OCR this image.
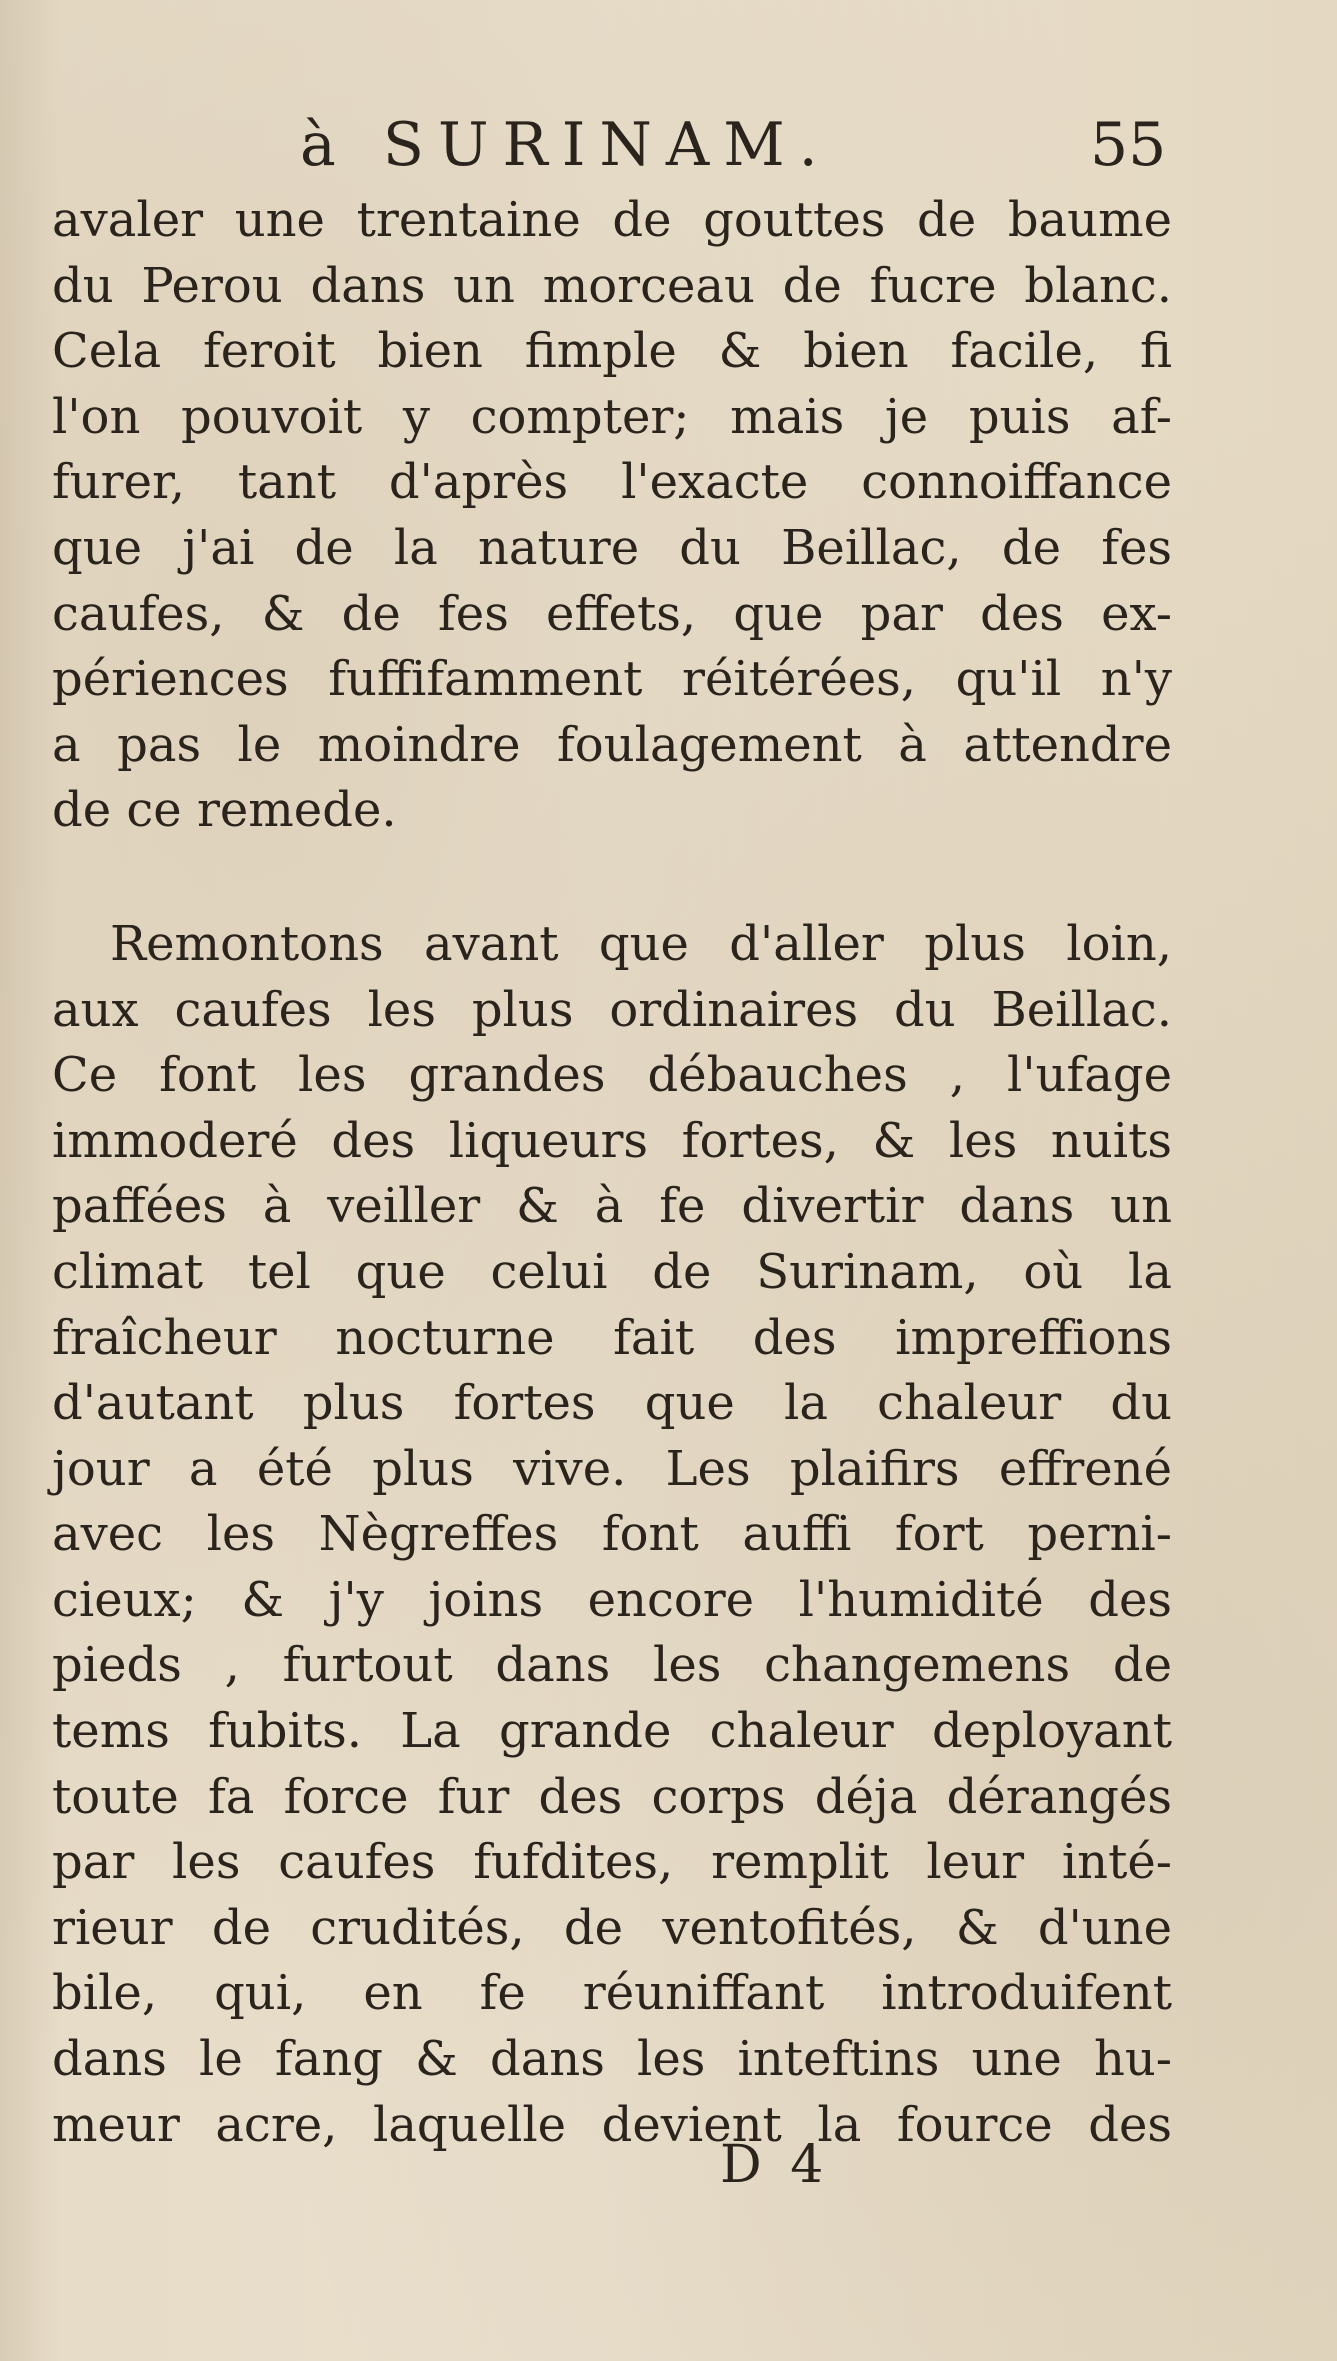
à SURINAM.	55
avaler une trentaine de gouttes de baume
du Perou dans un morceau de fucre blanc.
Cela feroit bien fimple & bien facile, fi
l'on pouvoit y compter; mais je puis af-
furer, tant d'après l'exacte connoiffance
que j'ai de la nature du Beillac, de fes
caufes, & de fes effets, que par des ex-
périences fuffifamment réitérées, qu'il n'y
a pas le moindre foulagement à attendre
de ce remede.
Remontons avant que d'aller plus loin,
aux caufes les plus ordinaires du Beillac.
Ce font les grandes débauches , l'ufage
immoderé des liqueurs fortes, & les nuits
paffées à veiller & à fe divertir dans un
climat tel que celui de Surinam, où la
fraîcheur nocturne fait des impreffions
d'autant plus fortes que la chaleur du
jour a été plus vive. Les plaifirs effrené
avec les Nègreffes font auffi fort perni-
cieux; & j'y joins encore l'humidité des
pieds , furtout dans les changemens de
tems fubits. La grande chaleur deployant
toute fa force fur des corps déja dérangés
par les caufes fufdites, remplit leur inté-
rieur de crudités, de ventofités, & d'une
bile, qui, en fe réuniffant introduifent
dans le fang & dans les inteftins une hu-
meur acre, laquelle devient la fource des
D 4
